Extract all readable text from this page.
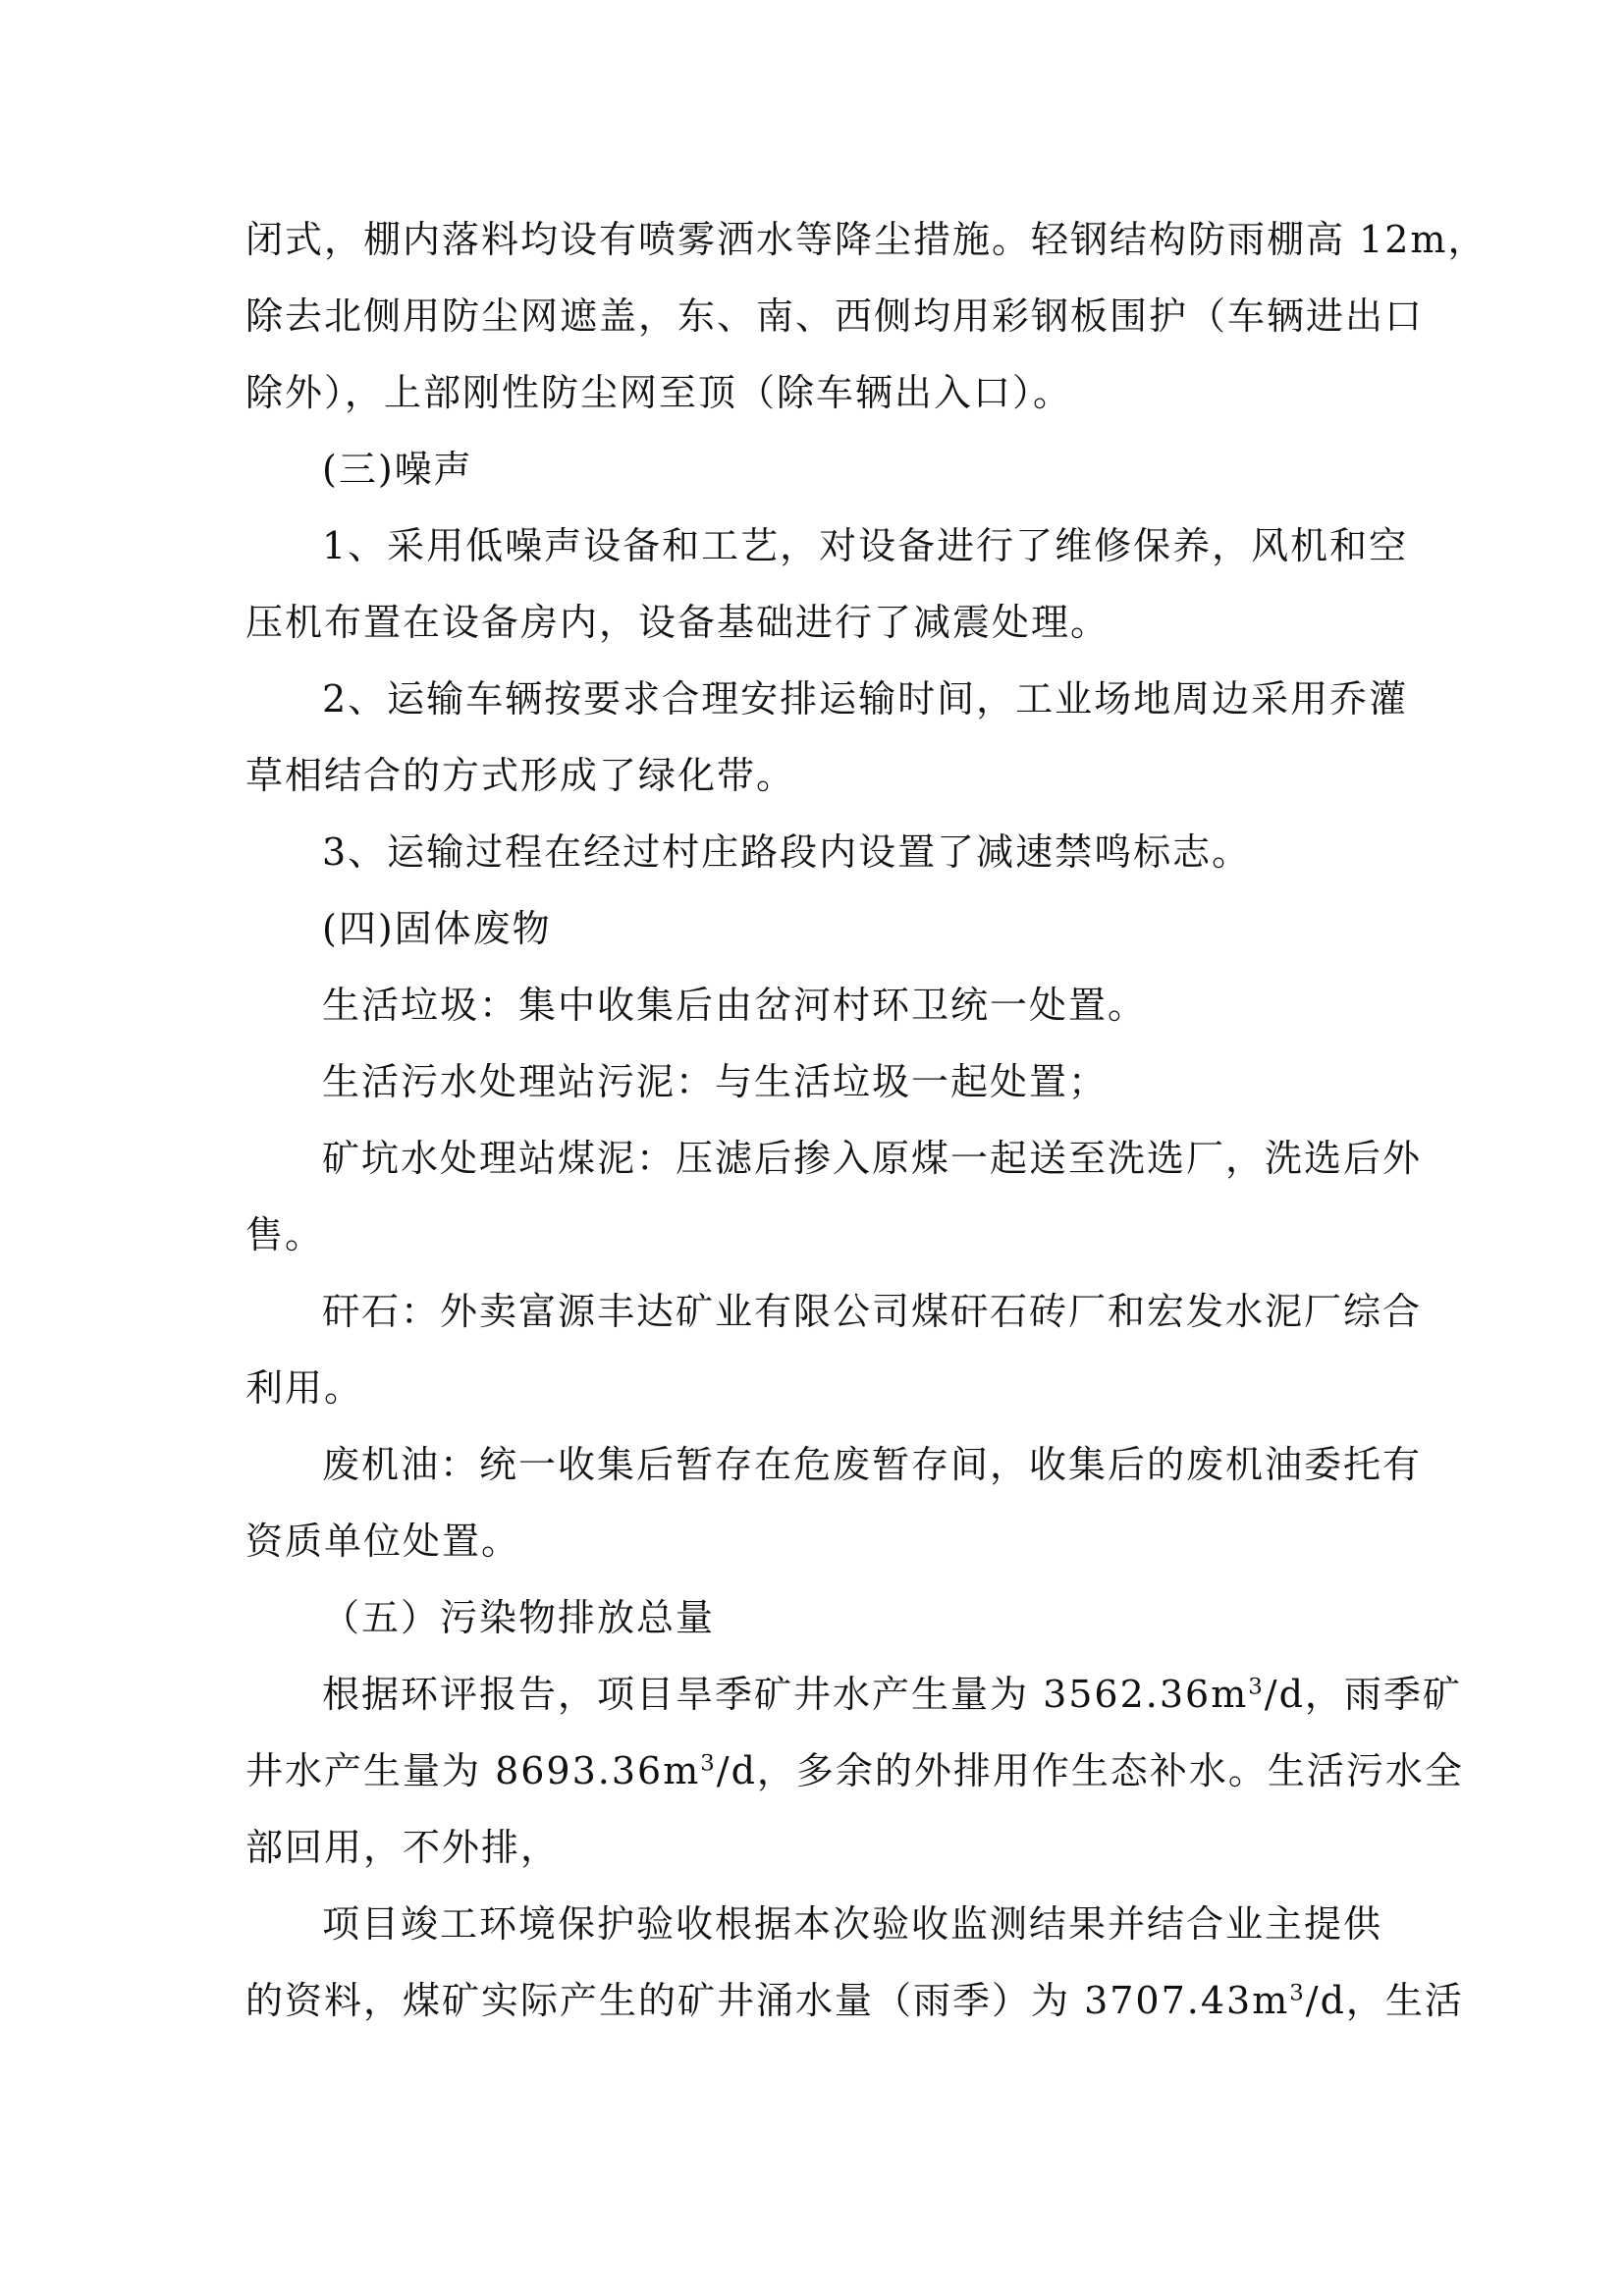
闭式，棚内落料均设有喷雾洒水等降尘措施。轻钢结构防雨棚高 12m，
除去北侧用防尘网遮盖，东、南、西侧均用彩钢板围护（车辆进出口
除外），上部刚性防尘网至顶（除车辆出入口）。
(三)噪声
1、采用低噪声设备和工艺，对设备进行了维修保养，风机和空
压机布置在设备房内，设备基础进行了减震处理。
2、运输车辆按要求合理安排运输时间，工业场地周边采用乔灌
草相结合的方式形成了绿化带。
3、运输过程在经过村庄路段内设置了减速禁鸣标志。
(四)固体废物
生活垃圾：集中收集后由岔河村环卫统一处置。
生活污水处理站污泥：与生活垃圾一起处置；
矿坑水处理站煤泥：压滤后掺入原煤一起送至洗选厂，洗选后外
售。
矸石：外卖富源丰达矿业有限公司煤矸石砖厂和宏发水泥厂综合
利用。
废机油：统一收集后暂存在危废暂存间，收集后的废机油委托有
资质单位处置。
（五）污染物排放总量
根据环评报告，项目旱季矿井水产生量为 $3562.36m^3/d$，雨季矿
井水产生量为 $8693.36m^3/d$，多余的外排用作生态补水。生活污水全
部回用，不外排，
项目竣工环境保护验收根据本次验收监测结果并结合业主提供
的资料，煤矿实际产生的矿井涌水量（雨季）为 $3707.43m^3/d$，生活
